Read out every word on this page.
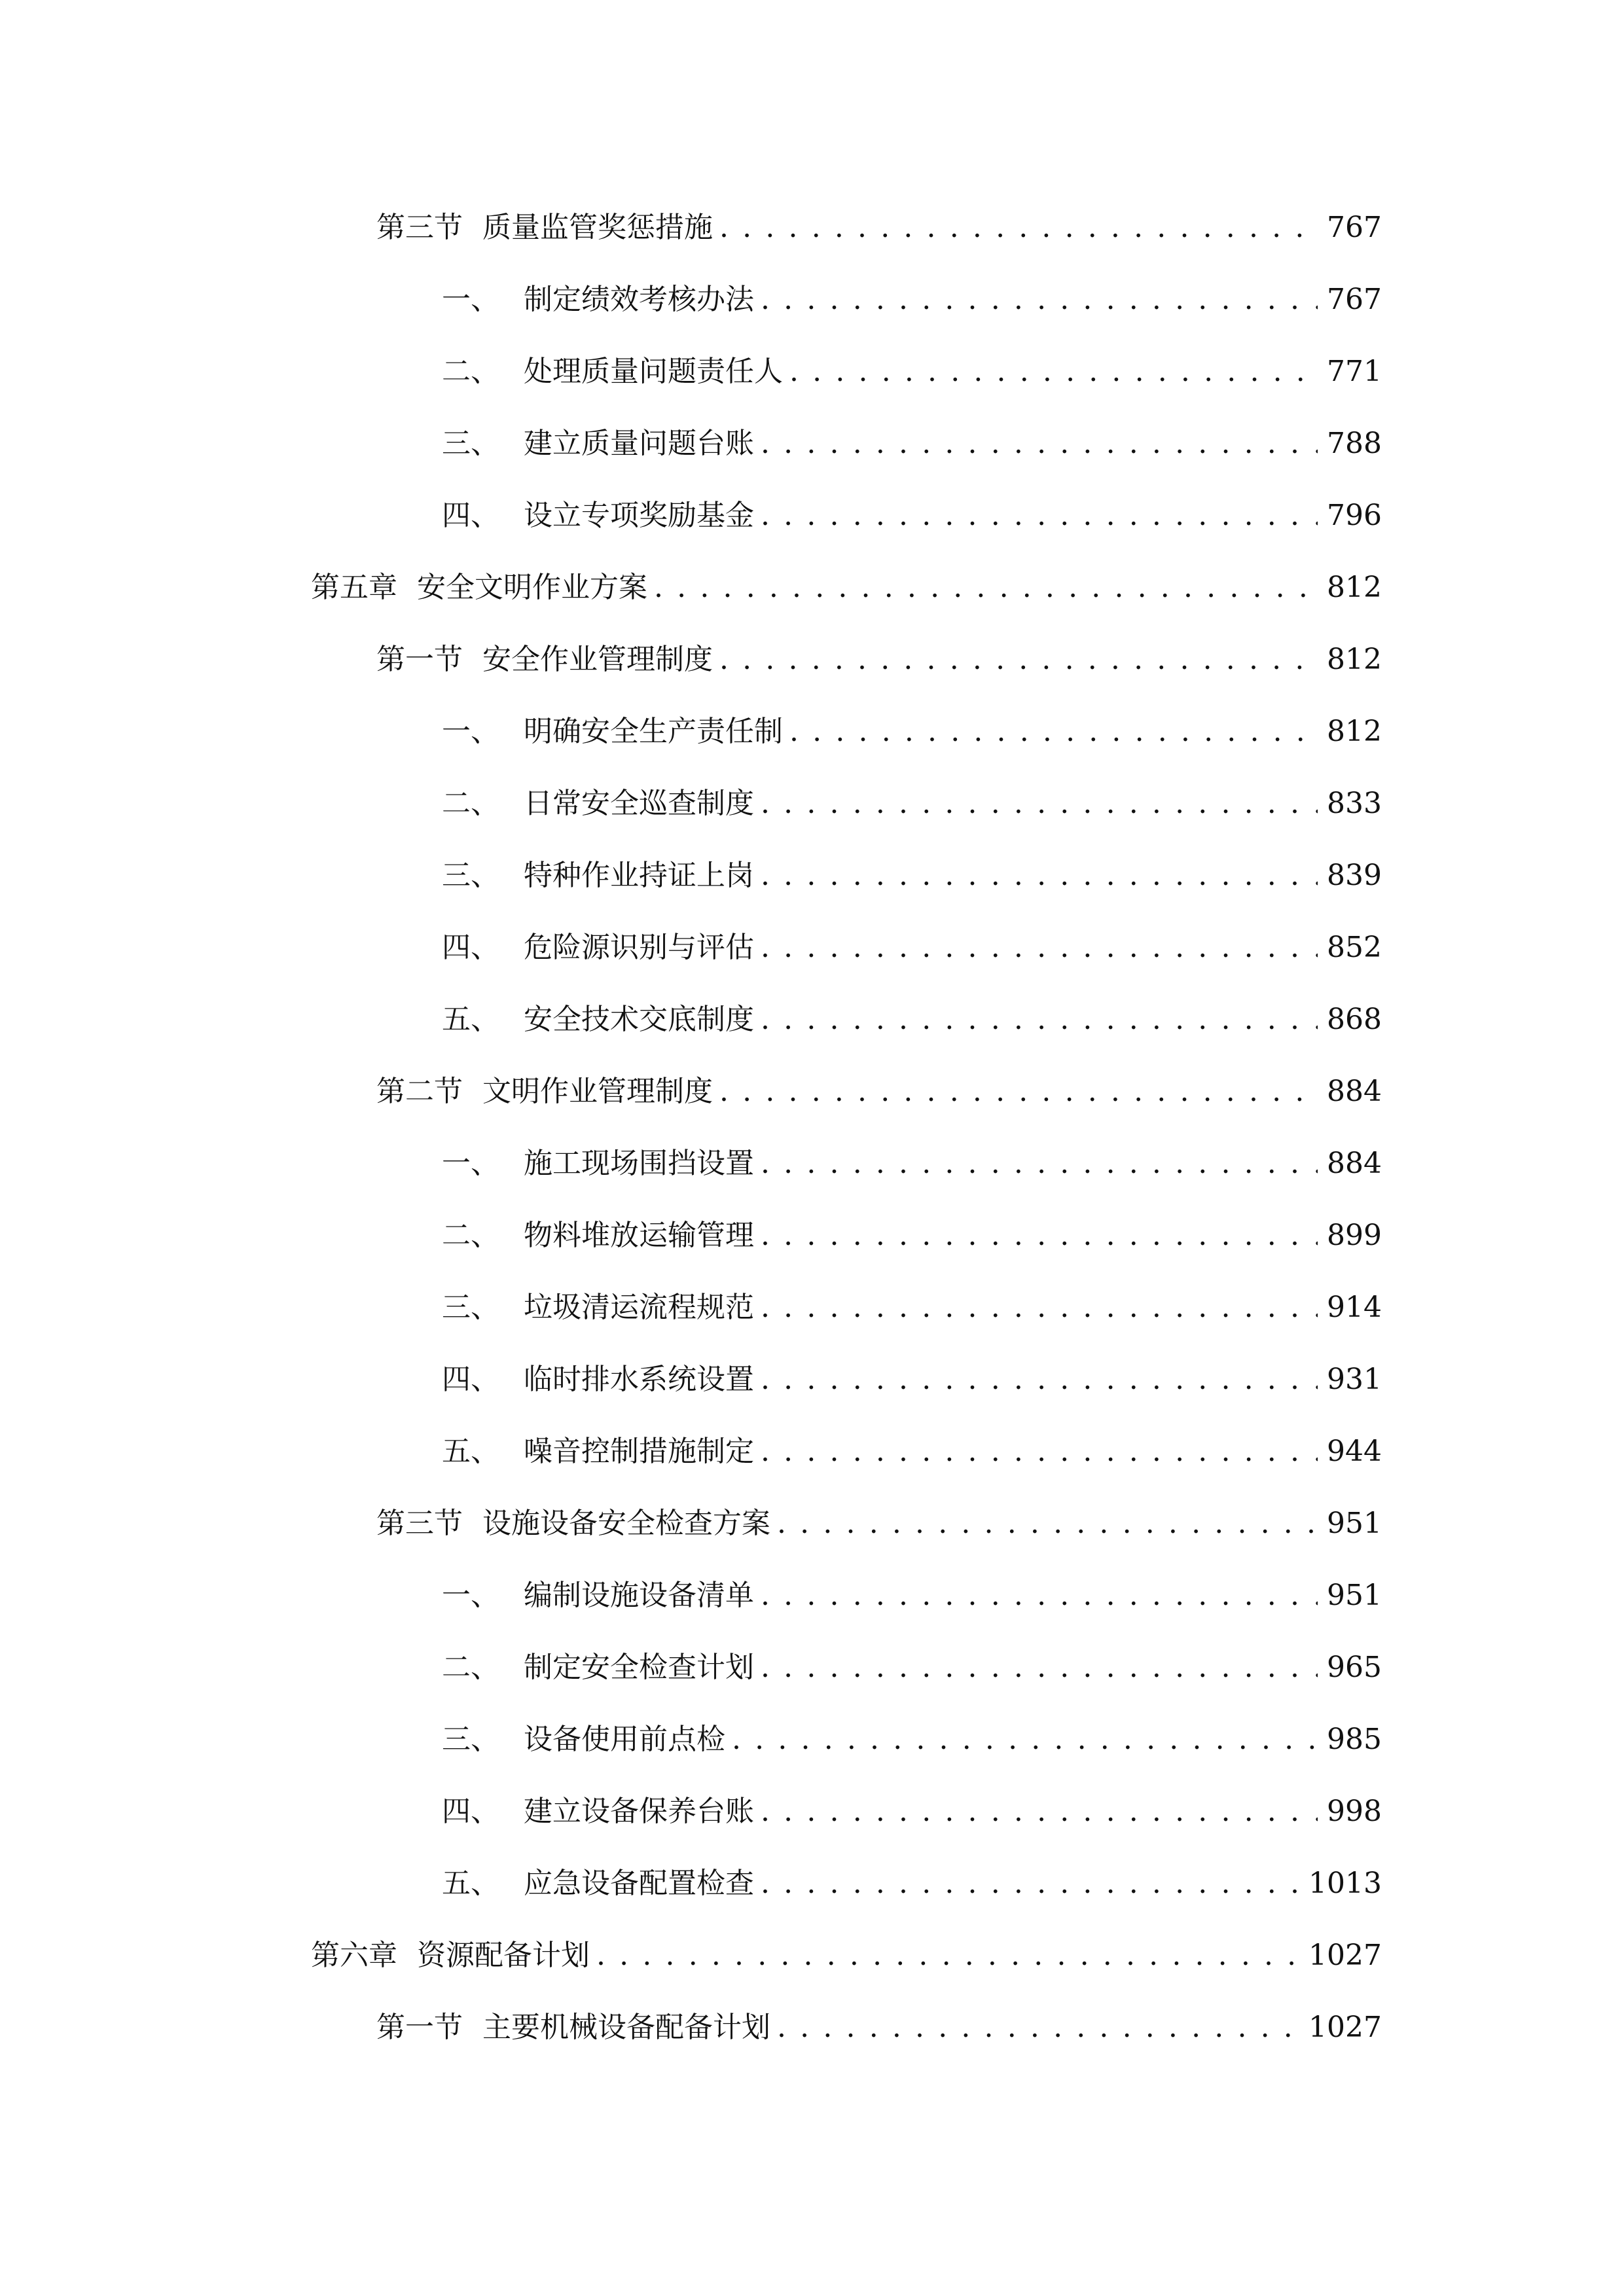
第三节 质量监管奖惩措施 . . .	767
一、 制定绩效考核办法 . . .	767
二、 处理质量问题责任人 . . .	771
三、 建立质量问题台账 . . .	788
四、 设立专项奖励基金 . . .	796
第五章 安全文明作业方案 . . .	812
第一节 安全作业管理制度 . . .	812
一、 明确安全生产责任制 . . .	812
二、 日常安全巡查制度 . . .	833
三、 特种作业持证上岗 . . .	839
四、 危险源识别与评估 . . .	852
五、 安全技术交底制度 . . .	868
第二节 文明作业管理制度 . . .	884
一、 施工现场围挡设置 . . .	884
二、 物料堆放运输管理 . . .	899
三、 垃圾清运流程规范 . . .	914
四、 临时排水系统设置 . . .	931
五、 噪音控制措施制定 . . .	944
第三节 设施设备安全检查方案 . . .	951
一、 编制设施设备清单 . . .	951
二、 制定安全检查计划 . . .	965
三、 设备使用前点检 . . .	985
四、 建立设备保养台账 . . .	998
五、 应急设备配置检查 . . .	1013
第六章 资源配备计划 . . .	1027
第一节 主要机械设备配备计划 . . .	1027
